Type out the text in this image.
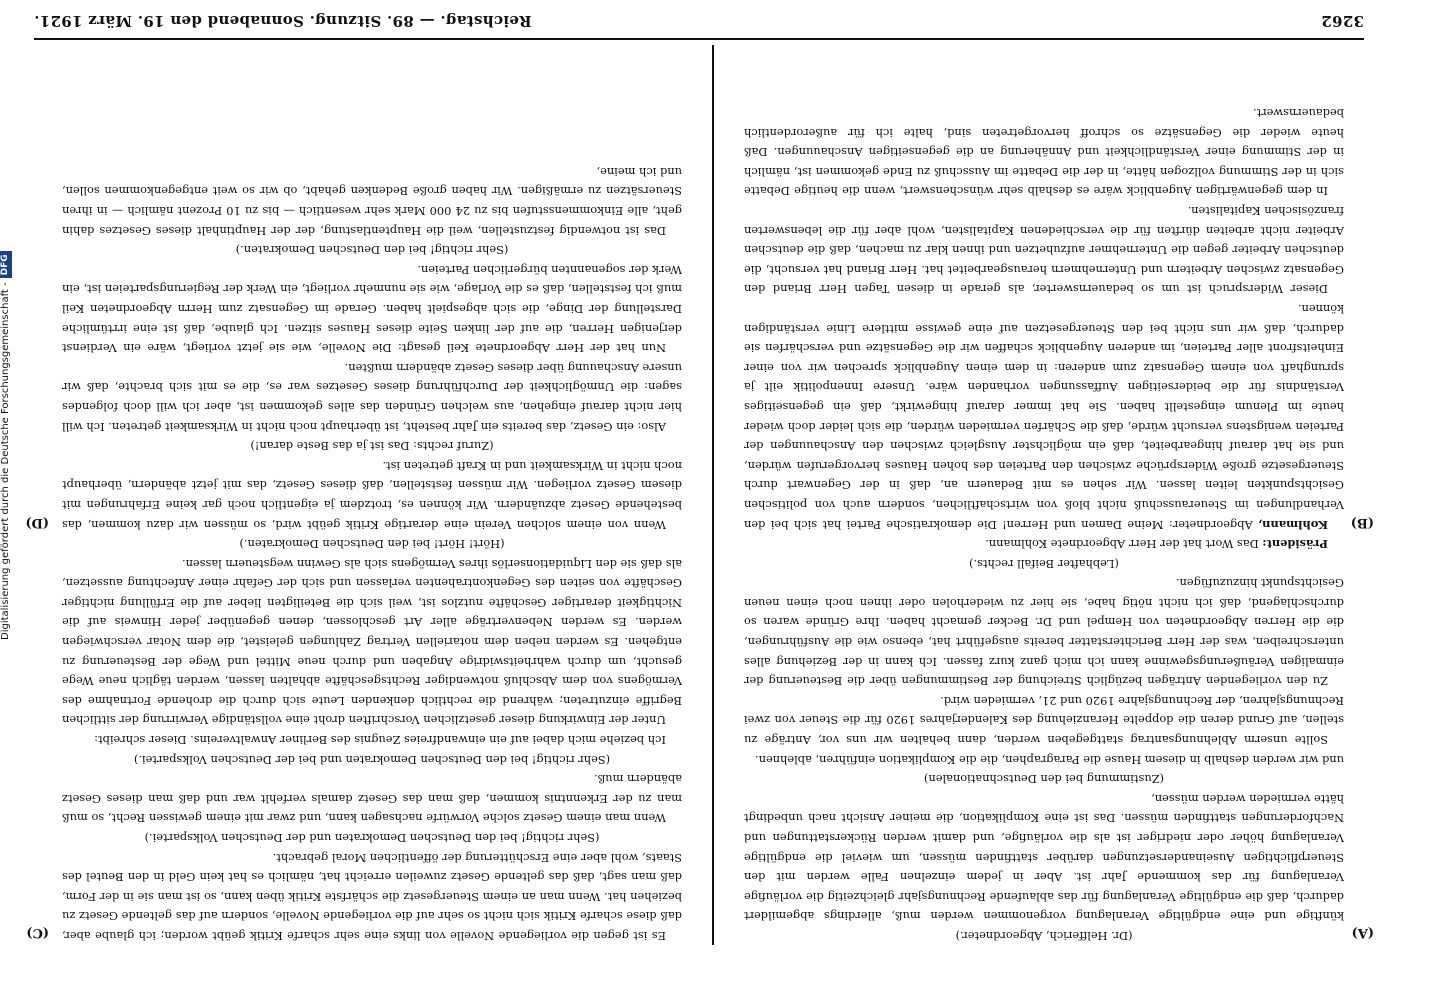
3262
Reichstag. — 89. Sitzung. Sonnabend den 19. März 1921.
(A)
(B)
(C)
(D)

(Dr. Helfferich, Abgeordneter.)

künftige und eine endgültige Veranlagung vorgenommen werden muß, allerdings abgemildert dadurch, daß die endgültige Veranlagung für das ablaufende Rechnungsjahr gleichzeitig die vorläufige Veranlagung für das kommende Jahr ist. Aber in jedem einzelnen Falle werden mit den Steuerpflichtigen Auseinandersetzungen darüber stattfinden müssen, um wieviel die endgültige Veranlagung höher oder niedriger ist als die vorläufige, und damit werden Rückerstattungen und Nachforderungen stattfinden müssen. Das ist eine Komplikation, die meiner Ansicht nach unbedingt hätte vermieden werden müssen,

(Zustimmung bei den Deutschnationalen)

und wir werden deshalb in diesem Hause die Paragraphen, die die Komplikation einführen, ablehnen.

Sollte unserm Ablehnungsantrag stattgegeben werden, dann behalten wir uns vor, Anträge zu stellen, auf Grund deren die doppelte Heranziehung des Kalenderjahres 1920 für die Steuer von zwei Rechnungsjahren, der Rechnungsjahre 1920 und 21, vermieden wird.

Zu den vorliegenden Anträgen bezüglich Streichung der Bestimmungen über die Besteuerung der einmaligen Veräußerungsgewinne kann ich mich ganz kurz fassen. Ich kann in der Beziehung alles unterschreiben, was der Herr Berichterstatter bereits ausgeführt hat, ebenso wie die Ausführungen, die die Herren Abgeordneten von Hempel und Dr. Becker gemacht haben. Ihre Gründe waren so durchschlagend, daß ich nicht nötig habe, sie hier zu wiederholen oder ihnen noch einen neuen Gesichtspunkt hinzuzufügen.

(Lebhafter Beifall rechts.)

Präsident: Das Wort hat der Herr Abgeordnete Kohlmann.

Kohlmann, Abgeordneter: Meine Damen und Herren! Die demokratische Partei hat sich bei den Verhandlungen im Steuerausschuß nicht bloß von wirtschaftlichen, sondern auch von politischen Gesichtspunkten leiten lassen. Wir sehen es mit Bedauern an, daß in der Gegenwart durch Steuergesetze große Widersprüche zwischen den Parteien des hohen Hauses hervorgerufen würden, und sie hat darauf hingearbeitet, daß ein möglichster Ausgleich zwischen den Anschauungen der Parteien wenigstens versucht würde, daß die Schärfen vermieden würden, die sich leider doch wieder heute im Plenum eingestellt haben. Sie hat immer darauf hingewirkt, daß ein gegenseitiges Verständnis für die beiderseitigen Auffassungen vorhanden wäre. Unsere Innenpolitik eilt ja sprunghaft von einem Gegensatz zum anderen: in dem einen Augenblick sprechen wir von einer Einheitsfront aller Parteien, im anderen Augenblick schaffen wir die Gegensätze und verschärfen sie dadurch, daß wir uns nicht bei den Steuergesetzen auf eine gewisse mittlere Linie verständigen können.

Dieser Widerspruch ist um so bedauernswerter, als gerade in diesen Tagen Herr Briand den Gegensatz zwischen Arbeitern und Unternehmern herausgearbeitet hat. Herr Briand hat versucht, die deutschen Arbeiter gegen die Unternehmer aufzuhetzen und ihnen klar zu machen, daß die deutschen Arbeiter nicht arbeiten dürften für die verschiedenen Kapitalisten, wohl aber für die lebenswerten französischen Kapitalisten.

In dem gegenwärtigen Augenblick wäre es deshalb sehr wünschenswert, wenn die heutige Debatte sich in der Stimmung vollzogen hätte, in der die Debatte im Ausschuß zu Ende gekommen ist, nämlich in der Stimmung einer Verständlichkeit und Annäherung an die gegenseitigen Anschauungen. Daß heute wieder die Gegensätze so schroff hervorgetreten sind, halte ich für außerordentlich bedauernswert.

Es ist gegen die vorliegende Novelle von links eine sehr scharfe Kritik geübt worden; ich glaube aber, daß diese scharfe Kritik sich nicht so sehr auf die vorliegende Novelle, sondern auf das geltende Gesetz zu beziehen hat. Wenn man an einem Steuergesetz die schärfste Kritik üben kann, so ist man sie in der Form, daß man sagt, daß das geltende Gesetz zuweilen erreicht hat, nämlich es hat kein Geld in den Beutel des Staats, wohl aber eine Erschütterung der öffentlichen Moral gebracht.

(Sehr richtig! bei den Deutschen Demokraten und der Deutschen Volkspartei.)

Wenn man einem Gesetz solche Vorwürfe nachsagen kann, und zwar mit einem gewissen Recht, so muß man zu der Erkenntnis kommen, daß man das Gesetz damals verfehlt war und daß man dieses Gesetz abändern muß.

(Sehr richtig! bei den Deutschen Demokraten und bei der Deutschen Volkspartei.)

Ich beziehe mich dabei auf ein einwandfreies Zeugnis des Berliner Anwaltvereins. Dieser schreibt:

Unter der Einwirkung dieser gesetzlichen Vorschriften droht eine vollständige Verwirrung der sittlichen Begriffe einzutreten; während die rechtlich denkenden Leute sich durch die drohende Fortnahme des Vermögens von dem Abschluß notwendiger Rechtsgeschäfte abhalten lassen, werden täglich neue Wege gesucht, um durch wahrheitswidrige Angaben und durch neue Mittel und Wege der Besteuerung zu entgehen. Es werden neben dem notariellen Vertrag Zahlungen geleistet, die dem Notar verschwiegen werden. Es werden Nebenverträge aller Art geschlossen, denen gegenüber jeder Hinweis auf die Nichtigkeit derartiger Geschäfte nutzlos ist, weil sich die Beteiligten lieber auf die Erfüllung nichtiger Geschäfte von seiten des Gegenkontrahenten verlassen und sich der Gefahr einer Anfechtung aussetzen, als daß sie den Liquidationserlös ihres Vermögens sich als Gewinn wegsteuern lassen.

(Hört! Hört! bei den Deutschen Demokraten.)

Wenn von einem solchen Verein eine derartige Kritik geübt wird, so müssen wir dazu kommen, das bestehende Gesetz abzuändern. Wir können es, trotzdem ja eigentlich noch gar keine Erfahrungen mit diesem Gesetz vorliegen. Wir müssen feststellen, daß dieses Gesetz, das mit jetzt abändern, überhaupt noch nicht in Wirksamkeit und in Kraft getreten ist.

(Zuruf rechts: Das ist ja das Beste daran!)

Also: ein Gesetz, das bereits ein Jahr besteht, ist überhaupt noch nicht in Wirksamkeit getreten. Ich will hier nicht darauf eingehen, aus welchen Gründen das alles gekommen ist, aber ich will doch folgendes sagen: die Unmöglichkeit der Durchführung dieses Gesetzes war es, die es mit sich brachte, daß wir unsere Anschauung über dieses Gesetz abändern mußten.

Nun hat der Herr Abgeordnete Keil gesagt: Die Novelle, wie sie jetzt vorliegt, wäre ein Verdienst derjenigen Herren, die auf der linken Seite dieses Hauses sitzen. Ich glaube, daß ist eine irrtümliche Darstellung der Dinge, die sich abgespielt haben. Gerade im Gegensatz zum Herrn Abgeordneten Keil muß ich feststellen, daß es die Vorlage, wie sie nunmehr vorliegt, ein Werk der Regierungsparteien ist, ein Werk der sogenannten bürgerlichen Parteien.

(Sehr richtig! bei den Deutschen Demokraten.)

Das ist notwendig festzustellen, weil die Hauptentlastung, der der Hauptinhalt dieses Gesetzes dahin geht, alle Einkommensstufen bis zu 24 000 Mark sehr wesentlich — bis zu 10 Prozent nämlich — in ihren Steuersätzen zu ermäßigen. Wir haben große Bedenken gehabt, ob wir so weit entgegenkommen sollen, und ich meine,

Digitalisierung gefördert durch die Deutsche Forschungsgemeinschaft -
DFG
